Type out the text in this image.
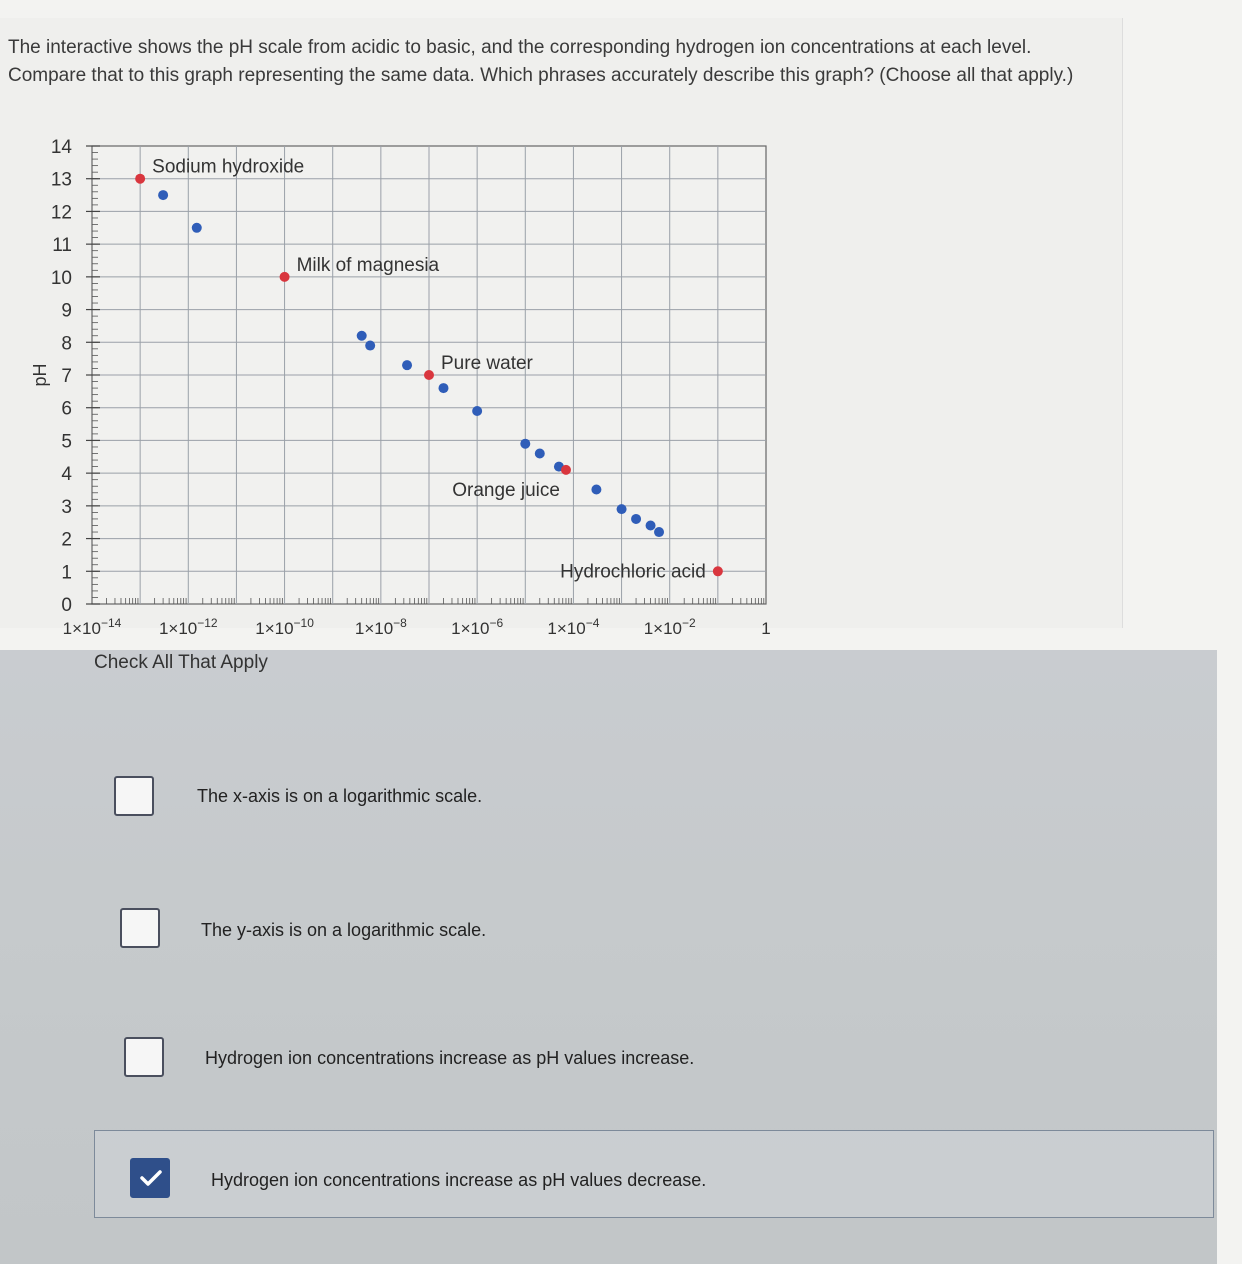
The interactive shows the pH scale from acidic to basic, and the corresponding hydrogen ion concentrations at each level. Compare that to this graph representing the same data. Which phrases accurately describe this graph? (Choose all that apply.)
0
1
2
3
4
5
6
7
8
9
10
11
12
13
14
$1\times 10^{-14}$ $1\times 10^{-12}$ $1\times 10^{-10}$ $1\times 10^{-8}$	$1\times 10^{-6}$	$1\times 10^{-4}$	$1\times 10^{-2}$	1
pH
Sodium hydroxide
Milk of magnesia
Pure water
Orange juice
Hydrochloric acid
Check All That Apply
The x-axis is on a logarithmic scale.
The y-axis is on a logarithmic scale.
Hydrogen ion concentrations increase as pH values increase.
Hydrogen ion concentrations increase as pH values decrease.
